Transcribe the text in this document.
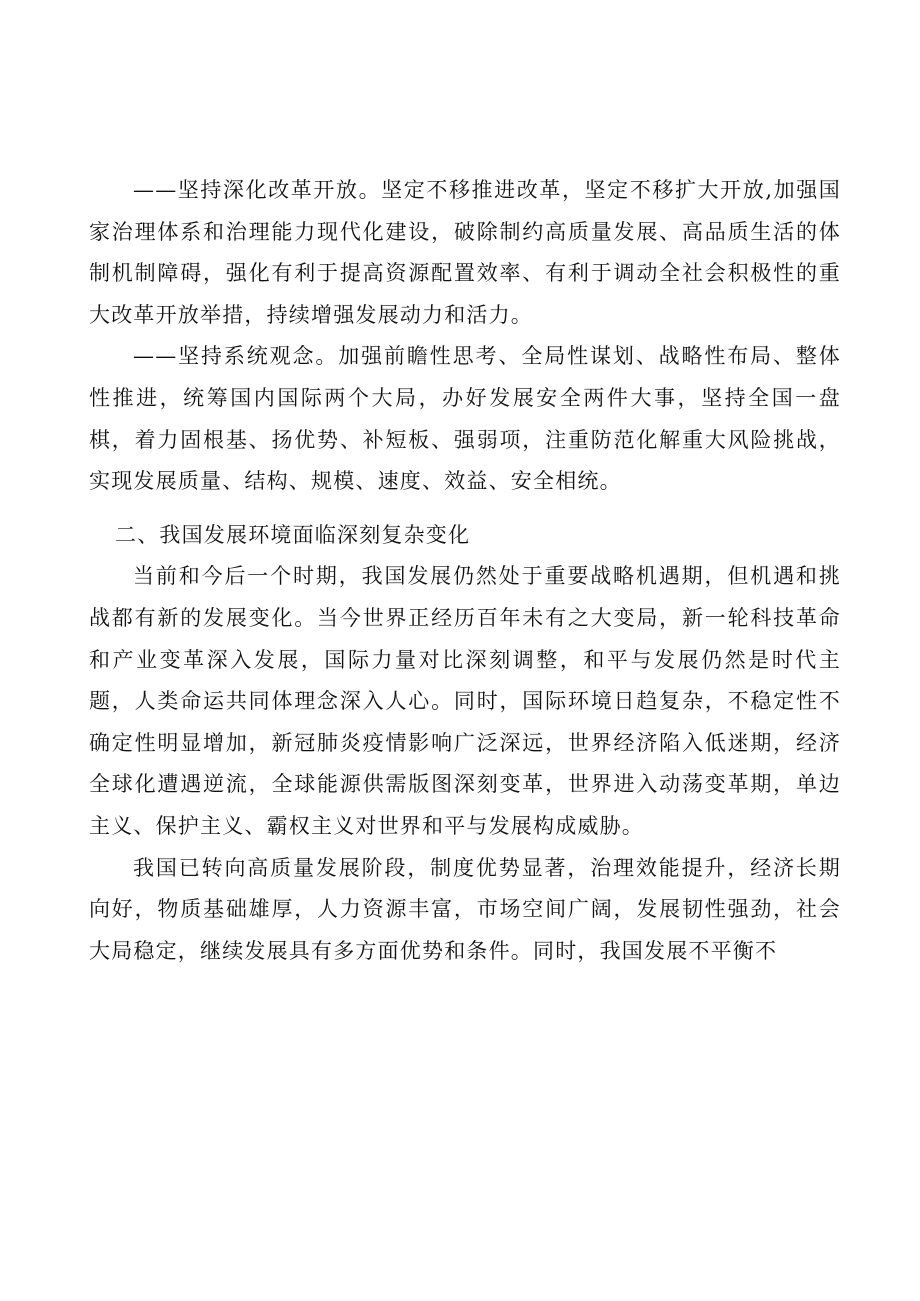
——坚持深化改革开放。坚定不移推进改革，坚定不移扩大开放,加强国家治理体系和治理能力现代化建设，破除制约高质量发展、高品质生活的体制机制障碍，强化有利于提高资源配置效率、有利于调动全社会积极性的重大改革开放举措，持续增强发展动力和活力。

——坚持系统观念。加强前瞻性思考、全局性谋划、战略性布局、整体性推进，统筹国内国际两个大局，办好发展安全两件大事，坚持全国一盘棋，着力固根基、扬优势、补短板、强弱项，注重防范化解重大风险挑战，实现发展质量、结构、规模、速度、效益、安全相统。

二、我国发展环境面临深刻复杂变化

当前和今后一个时期，我国发展仍然处于重要战略机遇期，但机遇和挑战都有新的发展变化。当今世界正经历百年未有之大变局，新一轮科技革命和产业变革深入发展，国际力量对比深刻调整，和平与发展仍然是时代主题，人类命运共同体理念深入人心。同时，国际环境日趋复杂，不稳定性不确定性明显增加，新冠肺炎疫情影响广泛深远，世界经济陷入低迷期，经济全球化遭遇逆流，全球能源供需版图深刻变革，世界进入动荡变革期，单边主义、保护主义、霸权主义对世界和平与发展构成威胁。

我国已转向高质量发展阶段，制度优势显著，治理效能提升，经济长期向好，物质基础雄厚，人力资源丰富，市场空间广阔，发展韧性强劲，社会大局稳定，继续发展具有多方面优势和条件。同时，我国发展不平衡不
